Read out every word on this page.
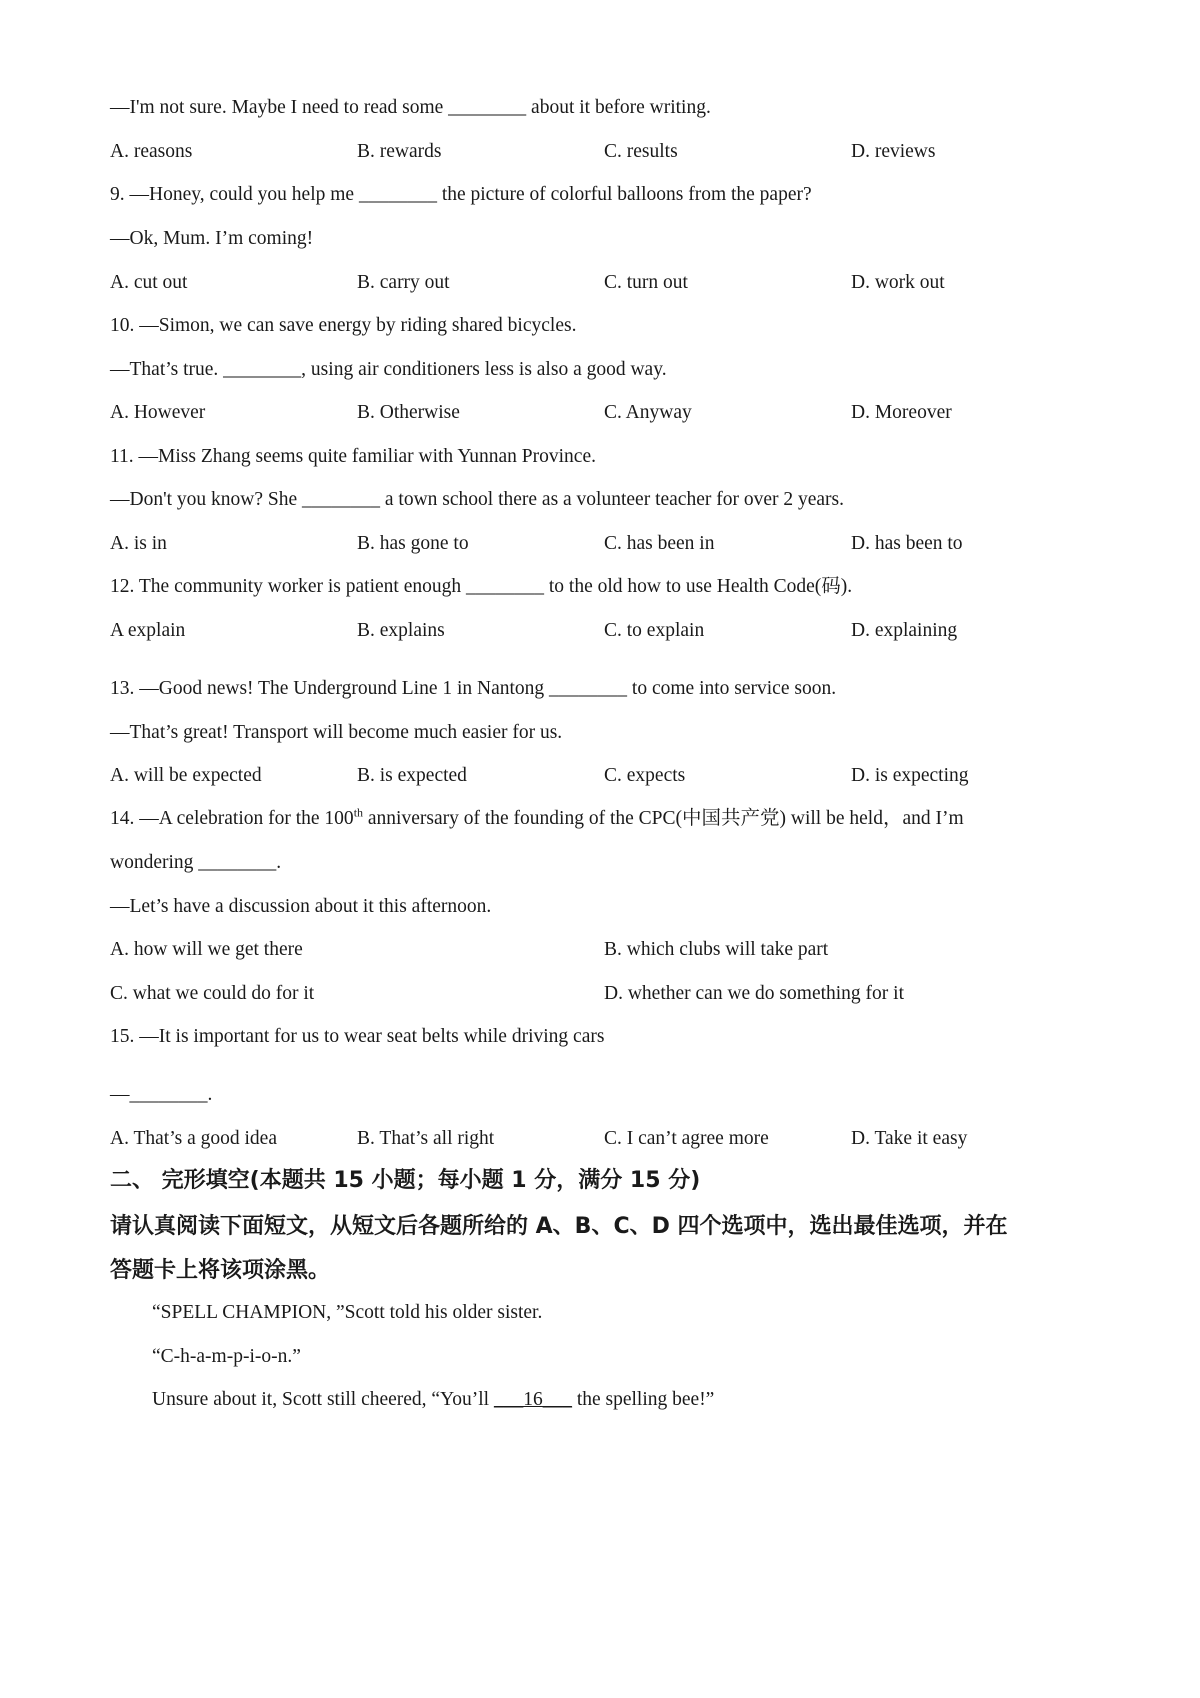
—I'm not sure. Maybe I need to read some ________ about it before writing.
A. reasons	B. rewards	C. results	D. reviews
9. —Honey, could you help me ________ the picture of colorful balloons from the paper?
—Ok, Mum. I’m coming!
A. cut out	B. carry out	C. turn out	D. work out
10. —Simon, we can save energy by riding shared bicycles.
—That’s true. ________, using air conditioners less is also a good way.
A. However	B. Otherwise	C. Anyway	D. Moreover
11. —Miss Zhang seems quite familiar with Yunnan Province.
—Don't you know? She ________ a town school there as a volunteer teacher for over 2 years.
A. is in	B. has gone to	C. has been in	D. has been to
12. The community worker is patient enough ________ to the old how to use Health Code(码).
A explain	B. explains	C. to explain	D. explaining
13. —Good news! The Underground Line 1 in Nantong ________ to come into service soon.
—That’s great! Transport will become much easier for us.
A. will be expected	B. is expected	C. expects	D. is expecting
14. —A celebration for the 100th anniversary of the founding of the CPC(中国共产党) will be held，and I’m
wondering ________.
—Let’s have a discussion about it this afternoon.
A. how will we get there	B. which clubs will take part
C. what we could do for it	D. whether can we do something for it
15. —It is important for us to wear seat belts while driving cars
—________.
A. That’s a good idea	B. That’s all right	C. I can’t agree more	D. Take it easy
二、 完形填空(本题共 15 小题；每小题 1 分，满分 15 分)
请认真阅读下面短文，从短文后各题所给的 A、B、C、D 四个选项中，选出最佳选项，并在
答题卡上将该项涂黑。
“SPELL CHAMPION, ”Scott told his older sister.
“C-h-a-m-p-i-o-n.”
Unsure about it, Scott still cheered, “You’ll ___16___ the spelling bee!”
